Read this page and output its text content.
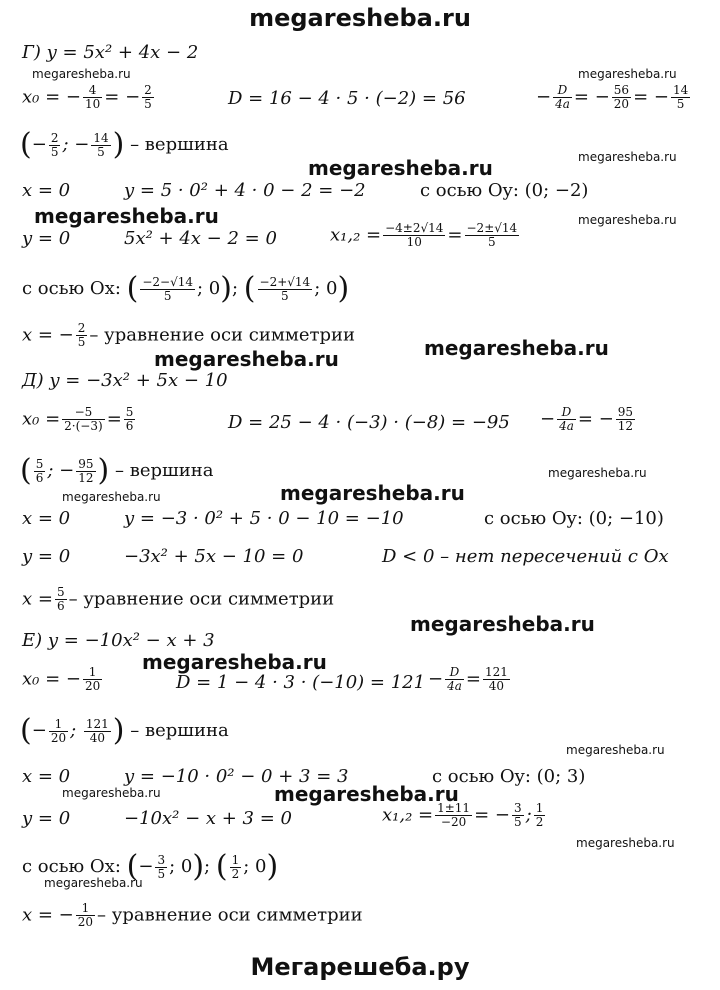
megaresheba.ru
Мегарешеба.ру
megaresheba.ru	megaresheba.ru
megaresheba.ru
megaresheba.ru
megaresheba.ru	megaresheba.ru
megaresheba.ru
megaresheba.ru
megaresheba.ru
megaresheba.ru
megaresheba.ru
megaresheba.ru
megaresheba.ru
megaresheba.ru
megaresheba.ru	megaresheba.ru
megaresheba.ru
megaresheba.ru
Г) y = 5x² + 4x − 2
x₀ = − $\frac{4}{10}$ = − $\frac{2}{5}$	D = 16 − 4 · 5 · (−2) = 56	− $\frac{D}{4a}$ = − $\frac{56}{20}$ = − $\frac{14}{5}$
(− $\frac{2}{5}$ ; − $\frac{14}{5}$ ) – вершина
x = 0	y = 5 · 0² + 4 · 0 − 2 = −2	с осью Oy: (0; −2)
y = 0	5x² + 4x − 2 = 0	$x_1,_2 = \frac{-4\pm 2√14}{10} = \frac{-2\pm√14}{5}$
с осью Ox: ( $\frac{-2-√14}{5}$ ; 0); ( $\frac{-2+√14}{5}$ ; 0)
x = − $\frac{2}{5}$ – уравнение оси симметрии
Д) y = −3x² + 5x − 10
$x_0 = \frac{-5}{2\cdot(-3)} = \frac{5}{6}$	$D = 25 - 4 \cdot (-3) \cdot (-8) = -95 - \frac{D}{4a}$ = − $\frac{95}{12}$
( $\frac{5}{6}$ ; − $\frac{95}{12}$ ) – вершина
x = 0	y = −3 · 0² + 5 · 0 − 10 = −10	с осью Oy: (0; −10)
y = 0	−3x² + 5x − 10 = 0	D < 0 – нет пересечений с Ox
$x = \frac{5}{6}$ – уравнение оси симметрии
Е) y = −10x² − x + 3
x₀ = − $\frac{1}{20}$	$D = 1 - 4 \cdot 3 \cdot (-10) = 121 - \frac{D}{4a} = \frac{121}{40}$
(− $\frac{1}{20}$ ; $\frac{121}{40}$ ) – вершина
x = 0	y = −10 · 0² − 0 + 3 = 3	с осью Oy: (0; 3)
y = 0	−10x² − x + 3 = 0	$x_1,_2 = \frac{1\pm 11}{-20}$ = − $\frac{3}{5}$ ; $\frac{1}{2}$
с осью Ox: (− $\frac{3}{5}$ ; 0); ( $\frac{1}{2}$ ; 0)
x = − $\frac{1}{20}$ – уравнение оси симметрии
